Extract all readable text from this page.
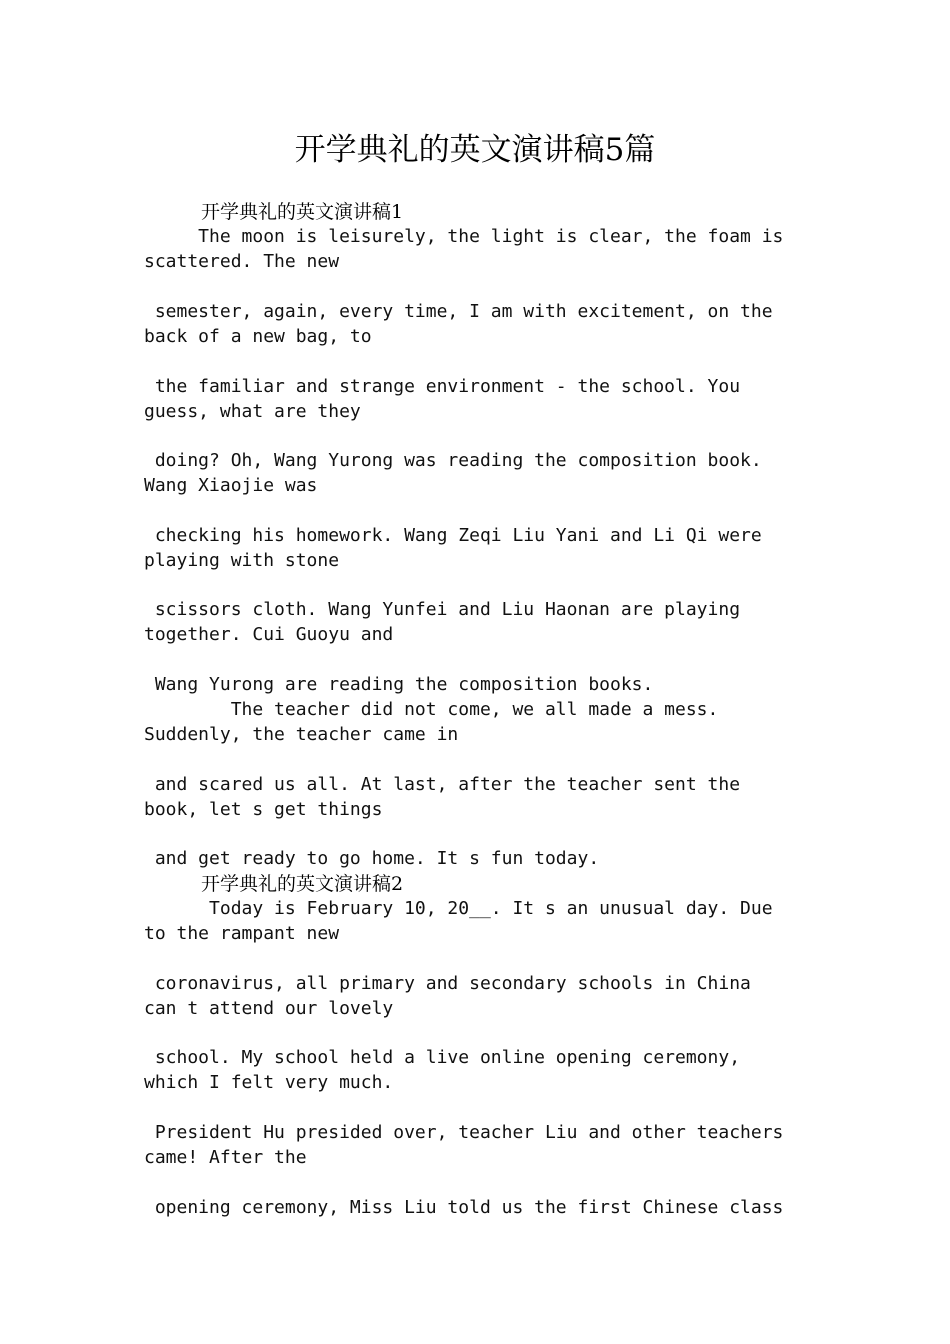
开学典礼的英文演讲稿5篇
开学典礼的英文演讲稿1
The moon is leisurely, the light is clear, the foam is
scattered. The new
semester, again, every time, I am with excitement, on the
back of a new bag, to
the familiar and strange environment - the school. You
guess, what are they
doing? Oh, Wang Yurong was reading the composition book.
Wang Xiaojie was
checking his homework. Wang Zeqi Liu Yani and Li Qi were
playing with stone
scissors cloth. Wang Yunfei and Liu Haonan are playing
together. Cui Guoyu and
Wang Yurong are reading the composition books.
The teacher did not come, we all made a mess.
Suddenly, the teacher came in
and scared us all. At last, after the teacher sent the
book, let s get things
and get ready to go home. It s fun today.
开学典礼的英文演讲稿2
Today is February 10, 20__. It s an unusual day. Due
to the rampant new
coronavirus, all primary and secondary schools in China
can t attend our lovely
school. My school held a live online opening ceremony,
which I felt very much.
President Hu presided over, teacher Liu and other teachers
came! After the
opening ceremony, Miss Liu told us the first Chinese class
